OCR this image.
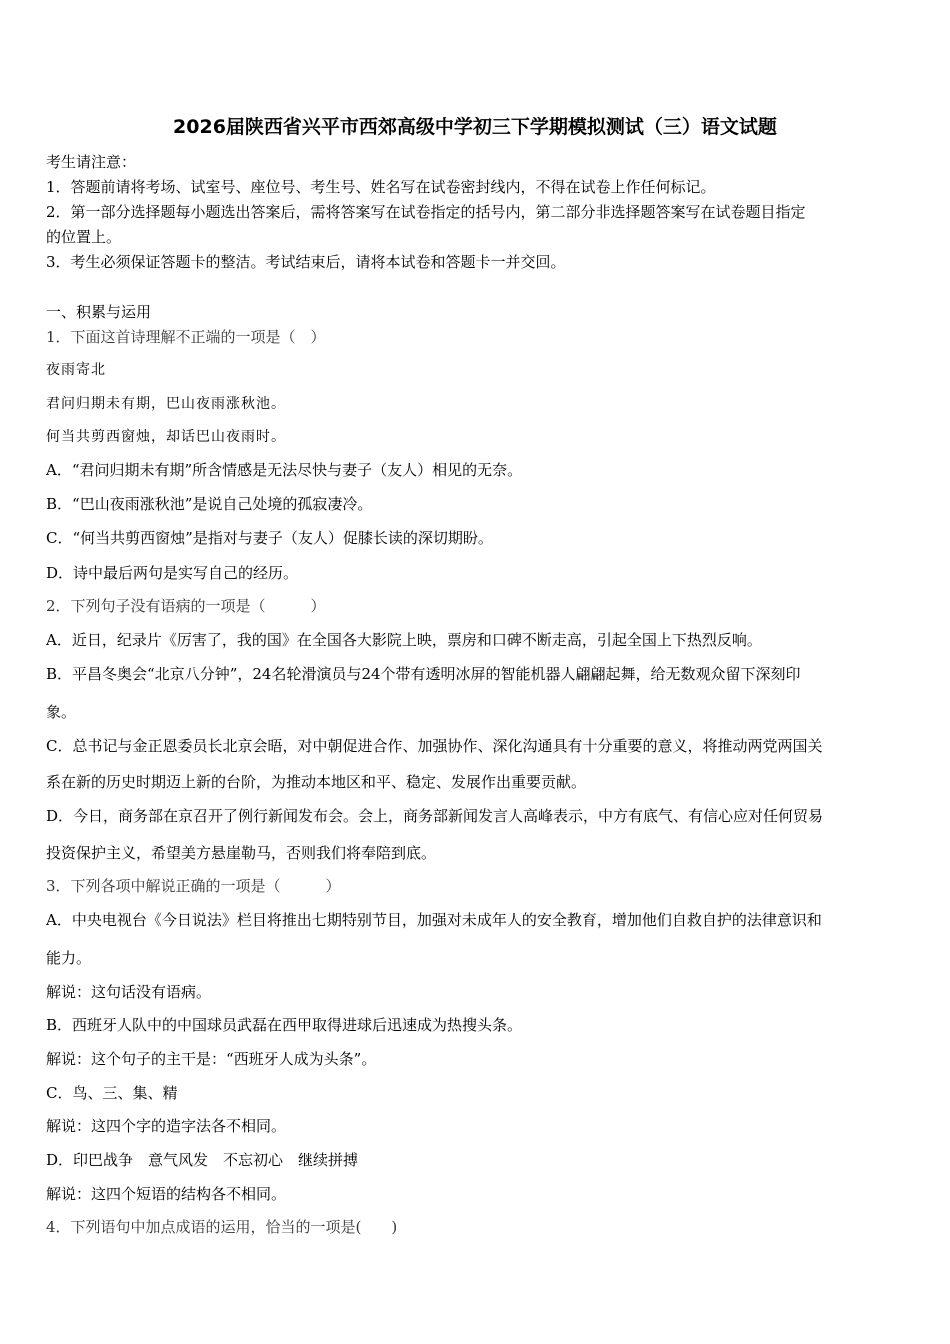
2026届陕西省兴平市西郊高级中学初三下学期模拟测试（三）语文试题
考生请注意：
1．答题前请将考场、试室号、座位号、考生号、姓名写在试卷密封线内，不得在试卷上作任何标记。
2．第一部分选择题每小题选出答案后，需将答案写在试卷指定的括号内，第二部分非选择题答案写在试卷题目指定
的位置上。
3．考生必须保证答题卡的整洁。考试结束后，请将本试卷和答题卡一并交回。
一、积累与运用
1．下面这首诗理解不正端的一项是（　）
夜雨寄北
君问归期未有期，巴山夜雨涨秋池。
何当共剪西窗烛，却话巴山夜雨时。
A．“君问归期未有期”所含情感是无法尽快与妻子（友人）相见的无奈。
B．“巴山夜雨涨秋池”是说自己处境的孤寂凄冷。
C．“何当共剪西窗烛”是指对与妻子（友人）促膝长读的深切期盼。
D．诗中最后两句是实写自己的经历。
2．下列句子没有语病的一项是（　　　）
A．近日，纪录片《厉害了，我的国》在全国各大影院上映，票房和口碑不断走高，引起全国上下热烈反响。
B．平昌冬奥会“北京八分钟”，24名轮滑演员与24个带有透明冰屏的智能机器人翩翩起舞，给无数观众留下深刻印
象。
C．总书记与金正恩委员长北京会晤，对中朝促进合作、加强协作、深化沟通具有十分重要的意义，将推动两党两国关
系在新的历史时期迈上新的台阶，为推动本地区和平、稳定、发展作出重要贡献。
D．今日，商务部在京召开了例行新闻发布会。会上，商务部新闻发言人高峰表示，中方有底气、有信心应对任何贸易
投资保护主义，希望美方悬崖勒马，否则我们将奉陪到底。
3．下列各项中解说正确的一项是（　　　）
A．中央电视台《今日说法》栏目将推出七期特别节目，加强对未成年人的安全教育，增加他们自救自护的法律意识和
能力。
解说：这句话没有语病。
B．西班牙人队中的中国球员武磊在西甲取得进球后迅速成为热搜头条。
解说：这个句子的主干是：“西班牙人成为头条”。
C．鸟、三、集、精
解说：这四个字的造字法各不相同。
D．印巴战争　意气风发　不忘初心　继续拼搏
解说：这四个短语的结构各不相同。
4．下列语句中加点成语的运用，恰当的一项是(　　)
